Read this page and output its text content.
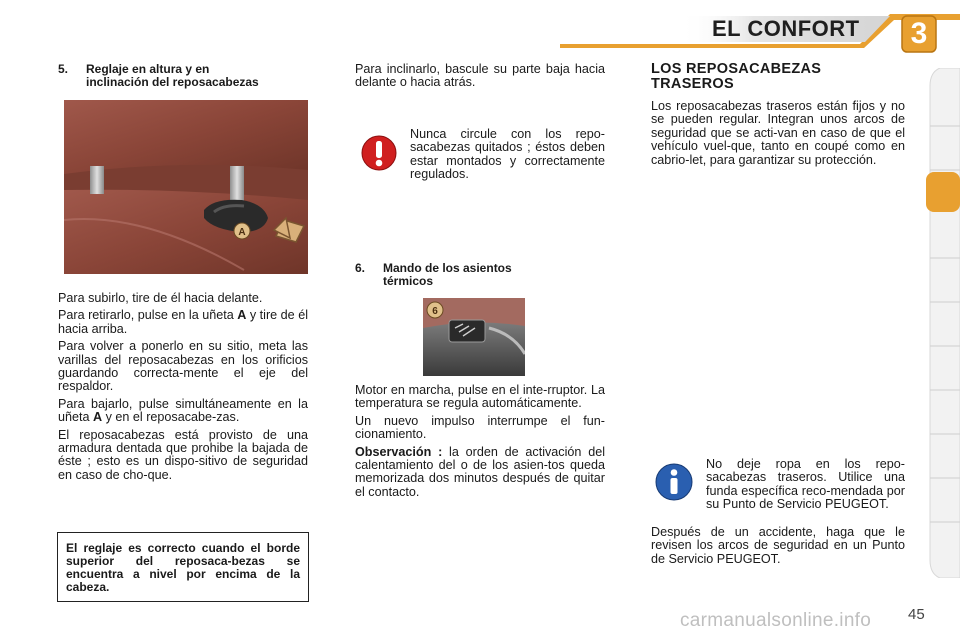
EL CONFORT	3
5. Reglaje en altura y en
inclinación del reposacabezas
A

Para subirlo, tire de él hacia delante.

Para retirarlo, pulse en la uñeta A y tire de él hacia arriba.

Para volver a ponerlo en su sitio, meta las varillas del reposacabezas en los orificios guardando correcta-mente el eje del respaldor.

Para bajarlo, pulse simultáneamente en la uñeta A y en el reposacabe-zas.

El reposacabezas está provisto de una armadura dentada que prohibe la bajada de éste ; esto es un dispo-sitivo de seguridad en caso de cho-que.

El reglaje es correcto cuando el borde superior del reposaca-bezas se encuentra a nivel por encima de la cabeza.

Para inclinarlo, bascule su parte baja hacia delante o hacia atrás.

Nunca circule con los repo-sacabezas quitados ; éstos deben estar montados y correctamente regulados.

6. Mando de los asientos
térmicos
6

Motor en marcha, pulse en el inte-rruptor. La temperatura se regula automáticamente.

Un nuevo impulso interrumpe el fun-cionamiento.

Observación : la orden de activación del calentamiento del o de los asien-tos queda memorizada dos minutos después de quitar el contacto.

LOS REPOSACABEZAS
TRASEROS

Los reposacabezas traseros están fijos y no se pueden regular. Integran unos arcos de seguridad que se acti-van en caso de que el vehículo vuel-que, tanto en coupé como en cabrio-let, para garantizar su protección.

No deje ropa en los repo-sacabezas traseros. Utilice una funda específica reco-mendada por su Punto de Servicio PEUGEOT.

Después de un accidente, haga que le revisen los arcos de seguridad en un Punto de Servicio PEUGEOT.

carmanualsonline.info 45
